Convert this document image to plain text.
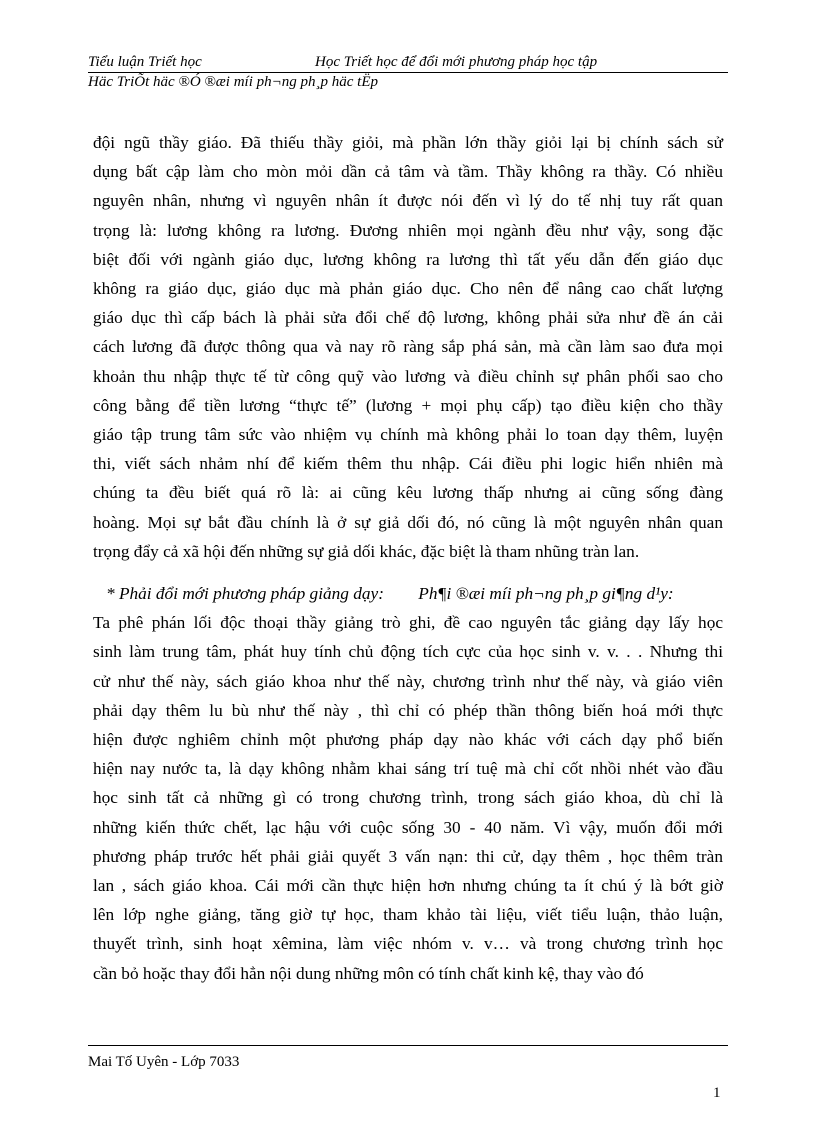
Tiểu luận Triết học	Học Triết học để đổi mới phương pháp học tập
Häc TriÕt häc ®Ó ®æi míi ph¬ng ph¸p häc tËp

đội ngũ thầy giáo. Đã thiếu thầy giỏi, mà phần lớn thầy giỏi lại bị chính sách sử
dụng bất cập làm cho mòn mỏi dần cả tâm và tầm. Thầy không ra thầy. Có nhiều
nguyên nhân, nhưng vì nguyên nhân ít được nói đến vì lý do tế nhị tuy rất quan
trọng là: lương không ra lương. Đương nhiên mọi ngành đều như vậy, song đặc
biệt đối với ngành giáo dục, lương không ra lương thì tất yếu dẫn đến giáo dục
không ra giáo dục, giáo dục mà phản giáo dục. Cho nên để nâng cao chất lượng
giáo dục thì cấp bách là phải sửa đổi chế độ lương, không phải sửa như đề án cải
cách lương đã được thông qua và nay rõ ràng sắp phá sản, mà cần làm sao đưa mọi
khoản thu nhập thực tế từ công quỹ vào lương và điều chỉnh sự phân phối sao cho
công bằng để tiền lương “thực tế” (lương + mọi phụ cấp) tạo điều kiện cho thầy
giáo tập trung tâm sức vào nhiệm vụ chính mà không phải lo toan dạy thêm, luyện
thi, viết sách nhảm nhí để kiếm thêm thu nhập. Cái điều phi logic hiển nhiên mà
chúng ta đều biết quá rõ là: ai cũng kêu lương thấp nhưng ai cũng sống đàng
hoàng. Mọi sự bắt đầu chính là ở sự giả dối đó, nó cũng là một nguyên nhân quan
trọng đẩy cả xã hội đến những sự giả dối khác, đặc biệt là tham nhũng tràn lan.

* Phải đổi mới phương pháp giảng dạy: Ph¶i ®æi míi ph¬ng ph¸p gi¶ng d¹y:

Ta phê phán lối độc thoại thầy giảng trò ghi, đề cao nguyên tắc giảng dạy lấy học
sinh làm trung tâm, phát huy tính chủ động tích cực của học sinh v. v. . . Nhưng thi
cử như thế này, sách giáo khoa như thế này, chương trình như thế này, và giáo viên
phải dạy thêm lu bù như thế này , thì chỉ có phép thần thông biến hoá mới thực
hiện được nghiêm chỉnh một phương pháp dạy nào khác với cách dạy phổ biến
hiện nay nước ta, là dạy không nhằm khai sáng trí tuệ mà chỉ cốt nhồi nhét vào đầu
học sinh tất cả những gì có trong chương trình, trong sách giáo khoa, dù chỉ là
những kiến thức chết, lạc hậu với cuộc sống 30 - 40 năm. Vì vậy, muốn đổi mới
phương pháp trước hết phải giải quyết 3 vấn nạn: thi cử, dạy thêm , học thêm tràn
lan , sách giáo khoa. Cái mới cần thực hiện hơn nhưng chúng ta ít chú ý là bớt giờ
lên lớp nghe giảng, tăng giờ tự học, tham khảo tài liệu, viết tiểu luận, thảo luận,
thuyết trình, sinh hoạt xêmina, làm việc nhóm v. v… và trong chương trình học
cần bỏ hoặc thay đổi hẳn nội dung những môn có tính chất kinh kệ, thay vào đó

Mai Tố Uyên - Lớp 7033
1
